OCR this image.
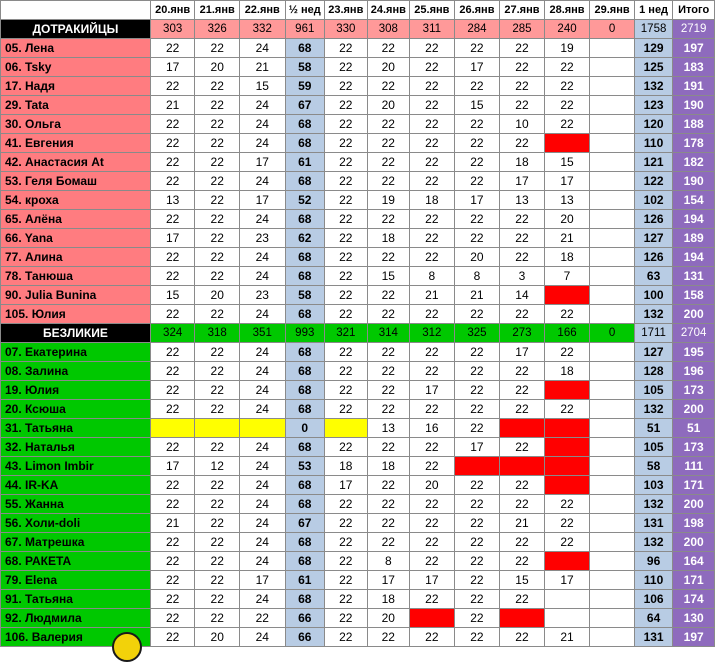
	20.янв	21.янв	22.янв	½ нед	23.янв	24.янв	25.янв	26.янв	27.янв	28.янв	29.янв	1 нед	Итого
ДОТРАКИЙЦЫ	303	326	332	961	330	308	311	284	285	240	0	1758	2719
05. Лена	22	22	24	68	22	22	22	22	22	19		129	197
06. Tsky	17	20	21	58	22	20	22	17	22	22		125	183
17. Надя	22	22	15	59	22	22	22	22	22	22		132	191
29. Tata	21	22	24	67	22	20	22	15	22	22		123	190
30. Ольга	22	22	24	68	22	22	22	22	10	22		120	188
41. Евгения	22	22	24	68	22	22	22	22	22			110	178
42. Анастасия At	22	22	17	61	22	22	22	22	18	15		121	182
53. Геля Бомаш	22	22	24	68	22	22	22	22	17	17		122	190
54. кроха	13	22	17	52	22	19	18	17	13	13		102	154
65. Алёна	22	22	24	68	22	22	22	22	22	20		126	194
66. Yana	17	22	23	62	22	18	22	22	22	21		127	189
77. Алина	22	22	24	68	22	22	22	20	22	18		126	194
78. Танюша	22	22	24	68	22	15	8	8	3	7		63	131
90. Julia Bunina	15	20	23	58	22	22	21	21	14			100	158
105. Юлия	22	22	24	68	22	22	22	22	22	22		132	200
БЕЗЛИКИЕ	324	318	351	993	321	314	312	325	273	166	0	1711	2704
07. Екатерина	22	22	24	68	22	22	22	22	17	22		127	195
08. Залина	22	22	24	68	22	22	22	22	22	18		128	196
19. Юлия	22	22	24	68	22	22	17	22	22			105	173
20. Ксюша	22	22	24	68	22	22	22	22	22	22		132	200
31. Татьяна				0		13	16	22				51	51
32. Наталья	22	22	24	68	22	22	22	17	22			105	173
43. Limon Imbir	17	12	24	53	18	18	22					58	111
44. IR-KA	22	22	24	68	17	22	20	22	22			103	171
55. Жанна	22	22	24	68	22	22	22	22	22	22		132	200
56. Холи-doli	21	22	24	67	22	22	22	22	21	22		131	198
67. Матрешка	22	22	24	68	22	22	22	22	22	22		132	200
68. РАКЕТА	22	22	24	68	22	8	22	22	22			96	164
79. Elena	22	22	17	61	22	17	17	22	15	17		110	171
91. Татьяна	22	22	24	68	22	18	22	22	22			106	174
92. Людмила	22	22	22	66	22	20		22				64	130
106. Валерия	22	20	24	66	22	22	22	22	22	21		131	197
